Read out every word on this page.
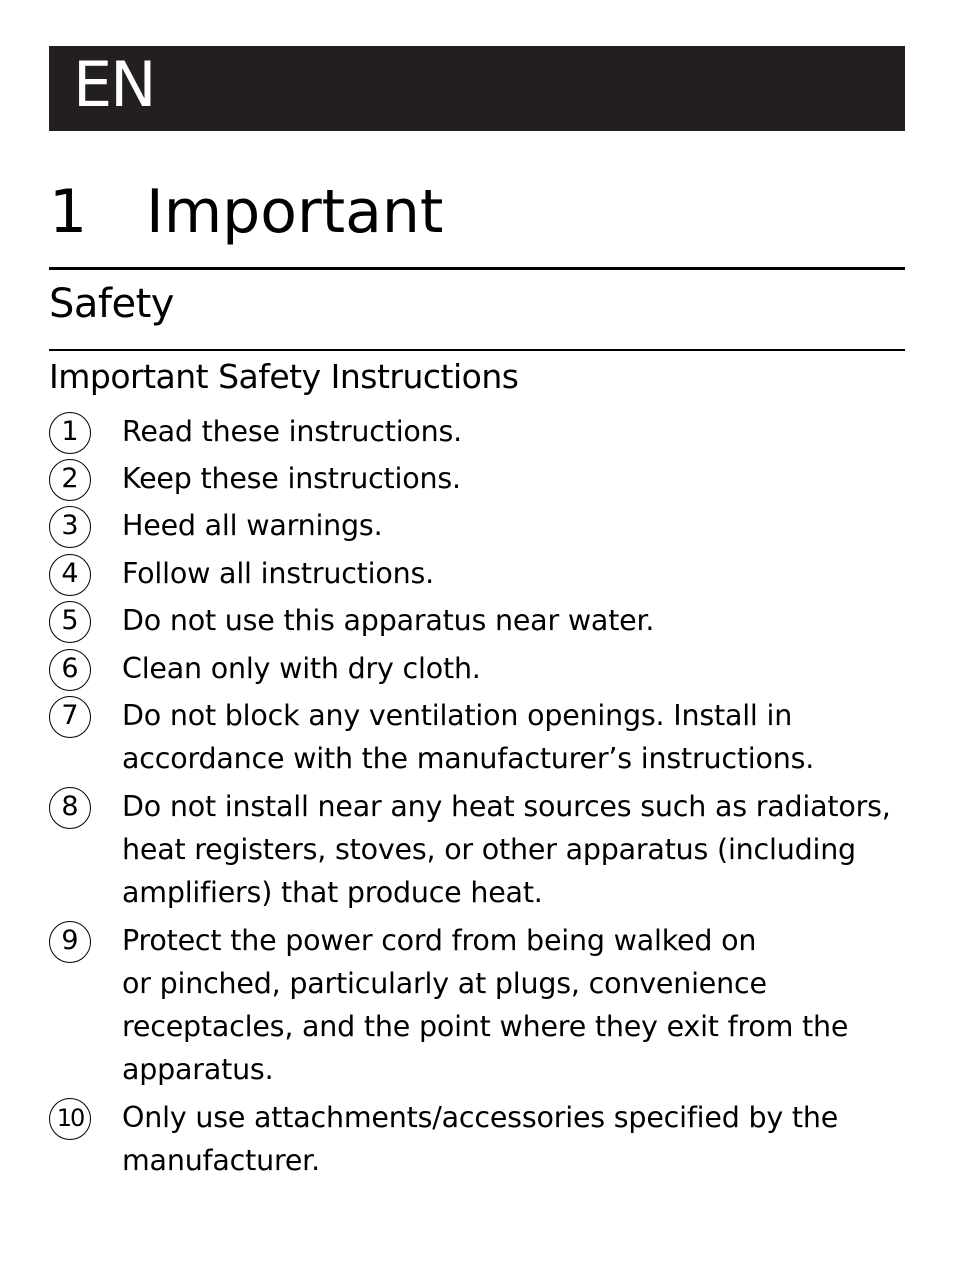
EN
1 Important
Safety
Important Safety Instructions
1	Read these instructions.
2	Keep these instructions.
3	Heed all warnings.
4	Follow all instructions.
5	Do not use this apparatus near water.
6	Clean only with dry cloth.
7	Do not block any ventilation openings. Install in
accordance with the manufacturer’s instructions.
8	Do not install near any heat sources such as radiators,
heat registers, stoves, or other apparatus (including
amplifiers) that produce heat.
9	Protect the power cord from being walked on
or pinched, particularly at plugs, convenience
receptacles, and the point where they exit from the
apparatus.
10 Only use attachments/accessories specified by the
manufacturer.
